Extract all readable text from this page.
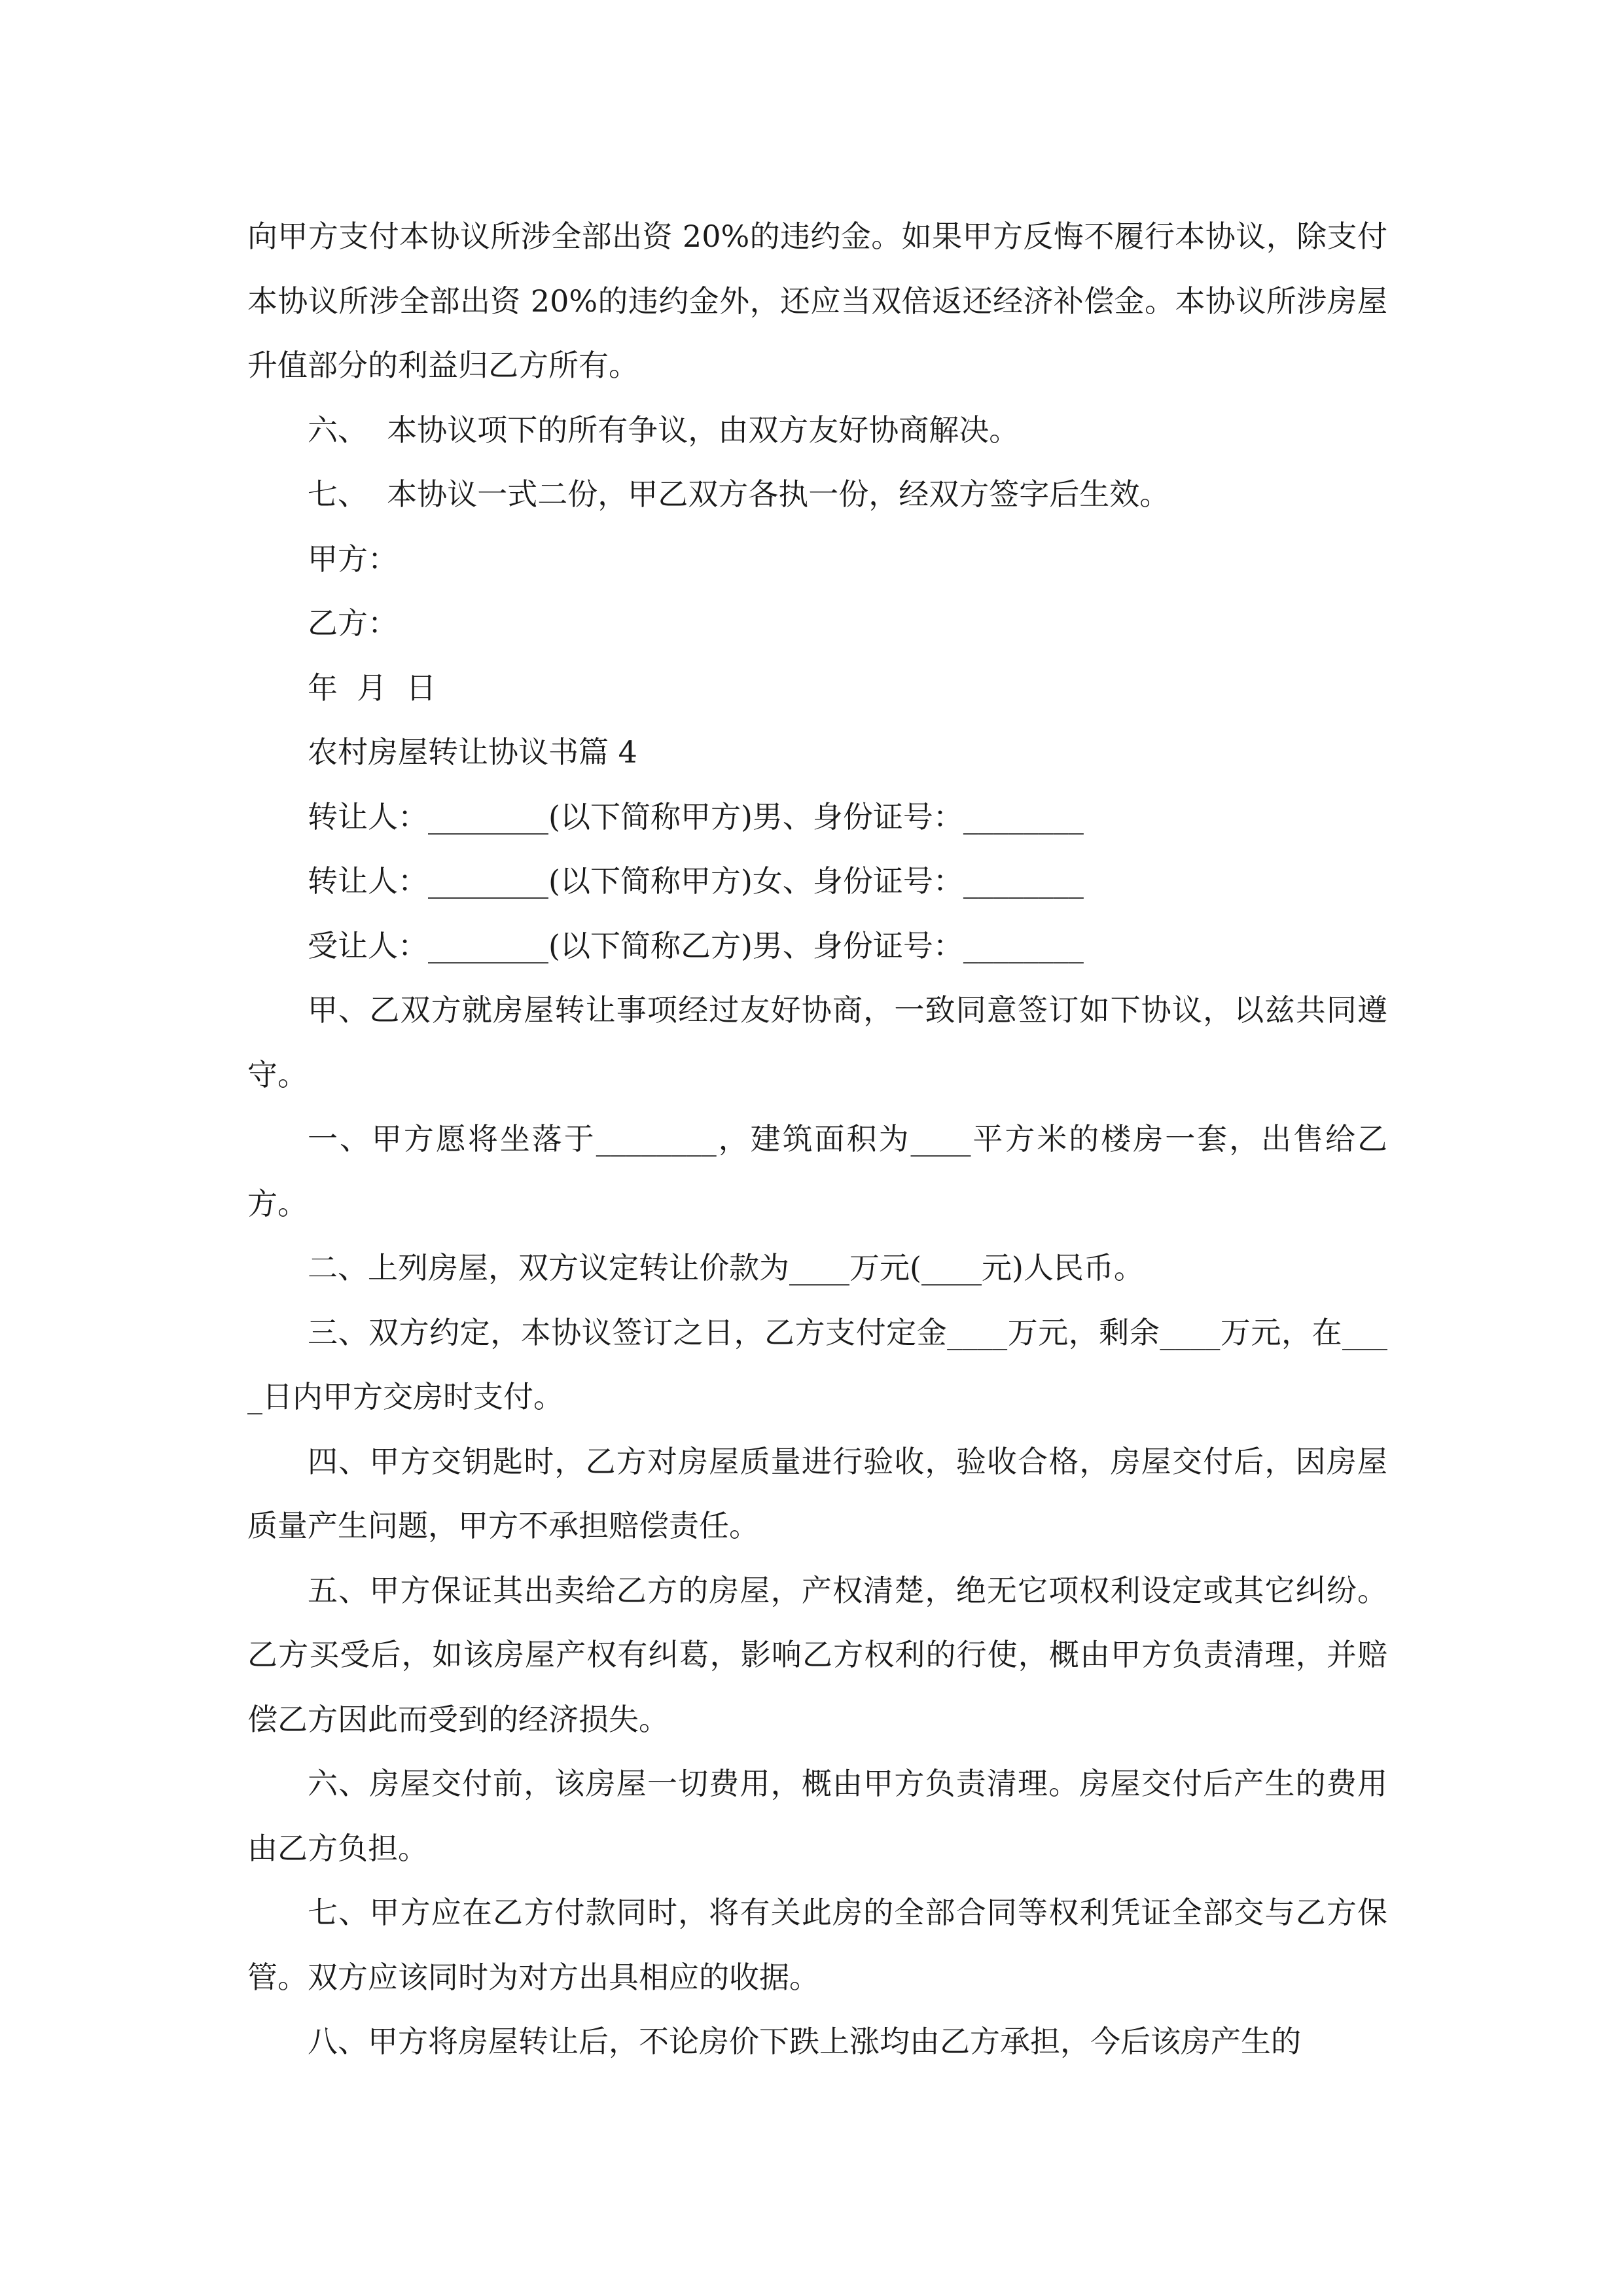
向甲方支付本协议所涉全部出资 20%的违约金。如果甲方反悔不履行本协议，除支付本协议所涉全部出资 20%的违约金外，还应当双倍返还经济补偿金。本协议所涉房屋升值部分的利益归乙方所有。

六、  本协议项下的所有争议，由双方友好协商解决。

七、  本协议一式二份，甲乙双方各执一份，经双方签字后生效。

甲方：

乙方：

年  月  日

农村房屋转让协议书篇 4

转让人：________(以下简称甲方)男、身份证号：________

转让人：________(以下简称甲方)女、身份证号：________

受让人：________(以下简称乙方)男、身份证号：________

甲、乙双方就房屋转让事项经过友好协商，一致同意签订如下协议，以兹共同遵守。

一、甲方愿将坐落于________，建筑面积为____平方米的楼房一套，出售给乙方。

二、上列房屋，双方议定转让价款为____万元(____元)人民币。

三、双方约定，本协议签订之日，乙方支付定金____万元，剩余____万元，在____日内甲方交房时支付。

四、甲方交钥匙时，乙方对房屋质量进行验收，验收合格，房屋交付后，因房屋质量产生问题，甲方不承担赔偿责任。

五、甲方保证其出卖给乙方的房屋，产权清楚，绝无它项权利设定或其它纠纷。乙方买受后，如该房屋产权有纠葛，影响乙方权利的行使，概由甲方负责清理，并赔偿乙方因此而受到的经济损失。

六、房屋交付前，该房屋一切费用，概由甲方负责清理。房屋交付后产生的费用由乙方负担。

七、甲方应在乙方付款同时，将有关此房的全部合同等权利凭证全部交与乙方保管。双方应该同时为对方出具相应的收据。

八、甲方将房屋转让后，不论房价下跌上涨均由乙方承担，今后该房产生的
